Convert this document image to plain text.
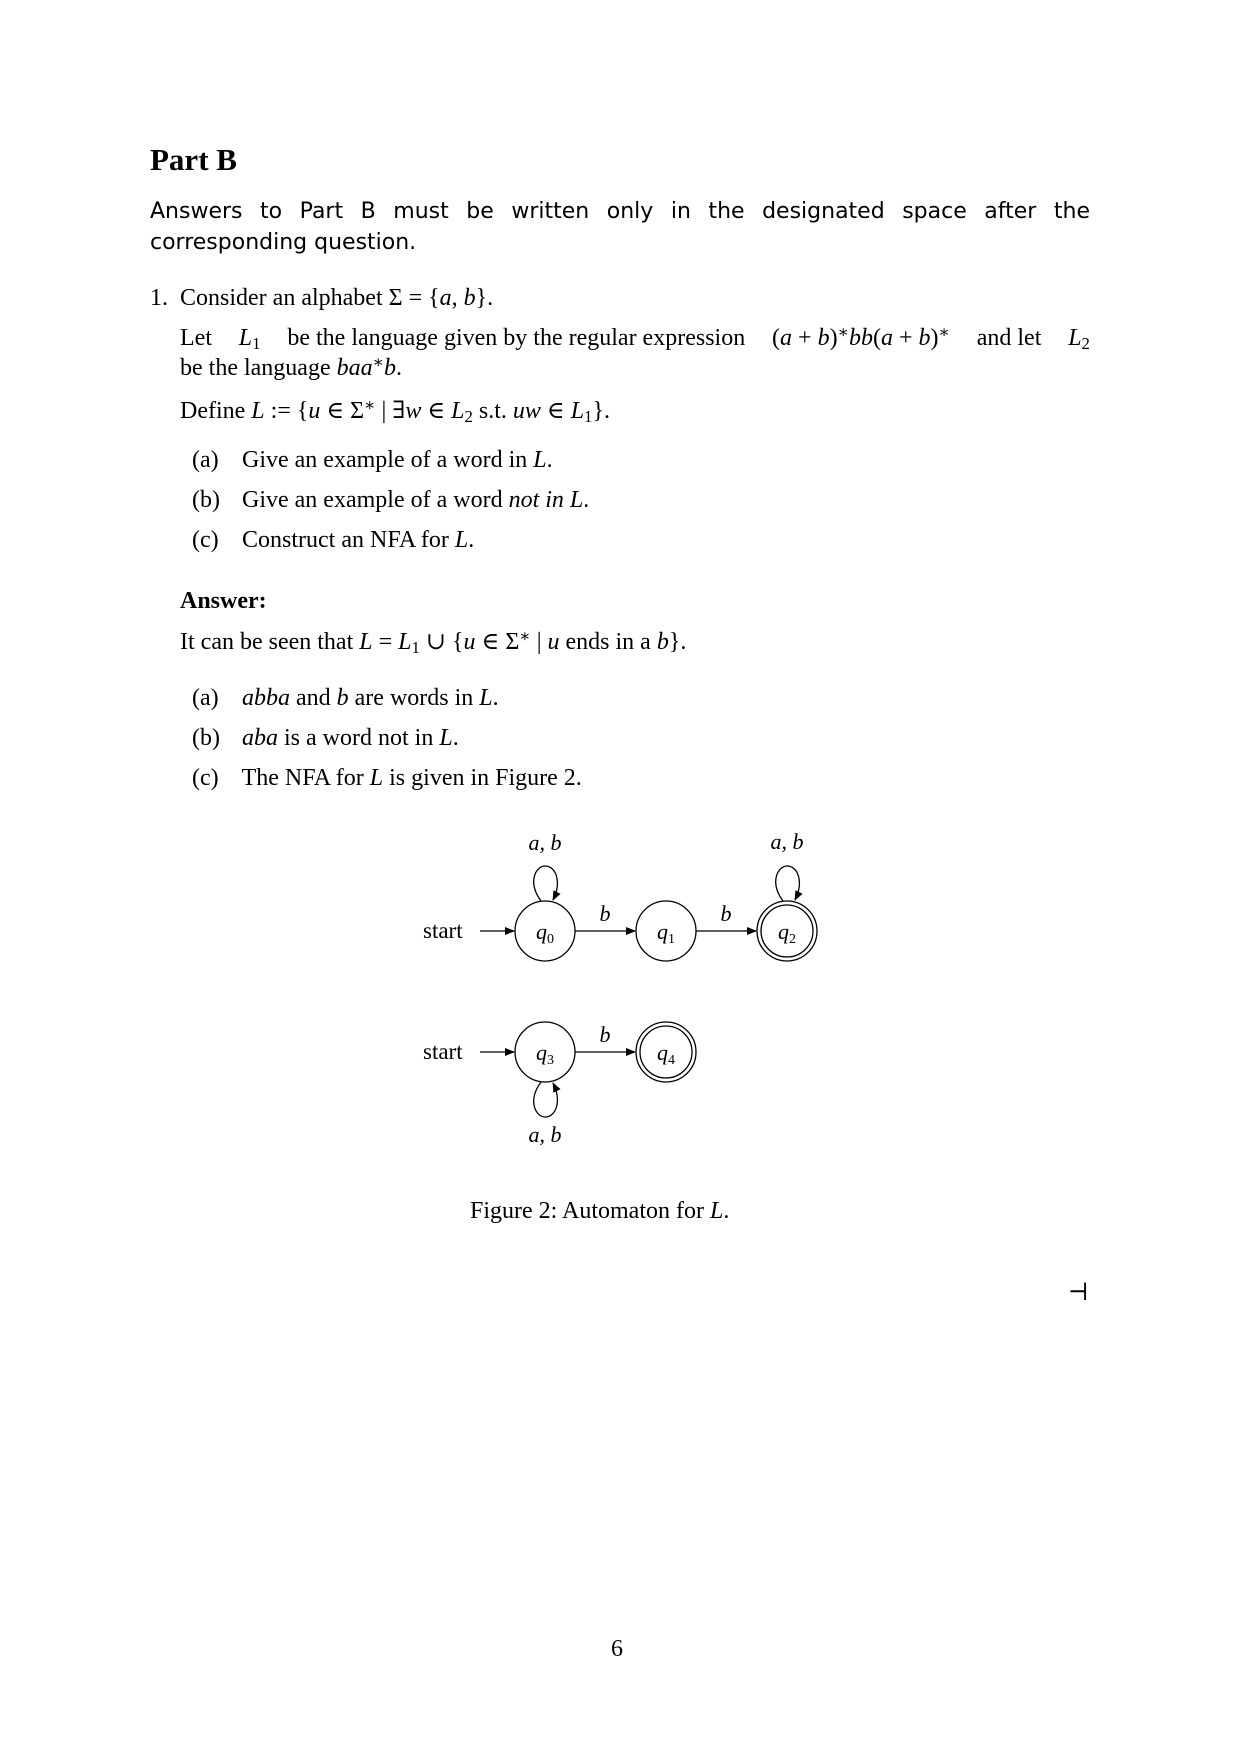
Part B
Answers to Part B must be written only in the designated space after the corresponding question.
1. Consider an alphabet Σ = {a, b}.
Let $L_1$ be the language given by the regular expression (a + b)∗bb(a + b)∗ and let $L_2$
be the language baa∗b.
Define L := {u ∈ Σ∗ | ∃w ∈ $L_2$ s.t. uw ∈ $L_1$}.
(a) Give an example of a word in L.
(b) Give an example of a word not in L.
(c) Construct an NFA for L.
Answer:
It can be seen that $L = L_1$ ∪ {u ∈ Σ∗ | u ends in a b}.
(a) abba and b are words in L.
(b) aba is a word not in L.
(c) The NFA for L is given in Figure 2.
start
start
q0	q1	q2
q3	q4
b	b
b
a, b	a, b
a, b
Figure 2: Automaton for L.
⊣
6
